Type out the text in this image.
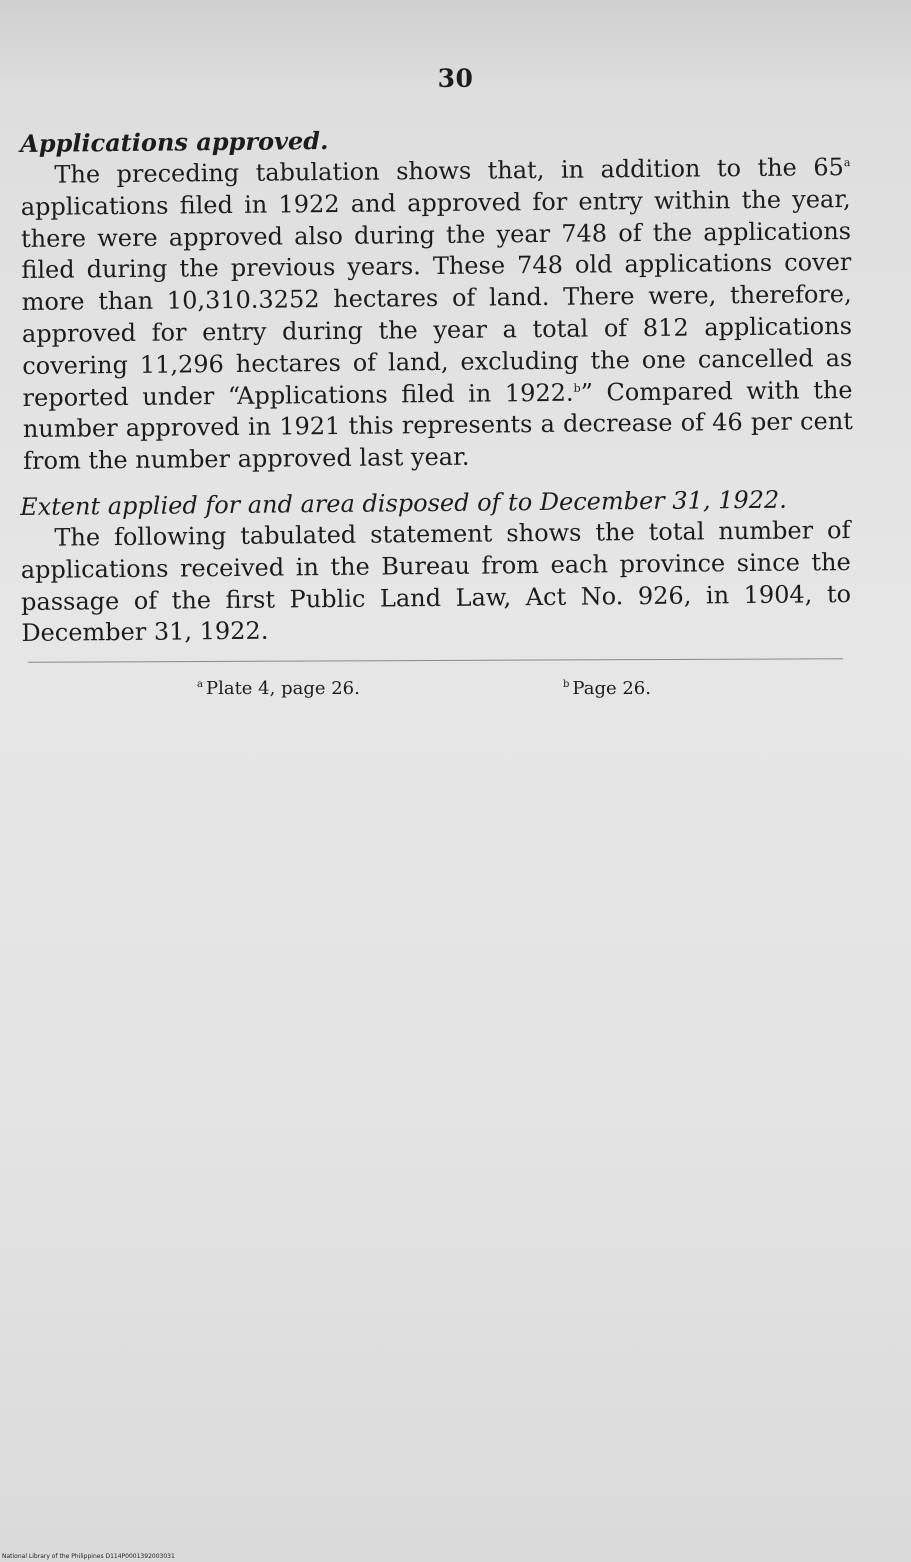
30

Applications approved.

The preceding tabulation shows that, in addition to the 65$^a$ applications filed in 1922 and approved for entry within the year, there were approved also during the year 748 of the applications filed during the previous years. These 748 old applications cover more than 10,310.3252 hectares of land. There were, therefore, approved for entry during the year a total of 812 applications covering 11,296 hectares of land, excluding the one cancelled as reported under “Applications filed in 1922.$^b$” Compared with the number approved in 1921 this represents a decrease of 46 per cent from the number approved last year.

Extent applied for and area disposed of to December 31, 1922.

The following tabulated statement shows the total number of applications received in the Bureau from each province since the passage of the first Public Land Law, Act No. 926, in 1904, to December 31, 1922.

$^a$ Plate 4, page 26.	$^b$ Page 26.
National Library of the Philippines D114P0001392003031
